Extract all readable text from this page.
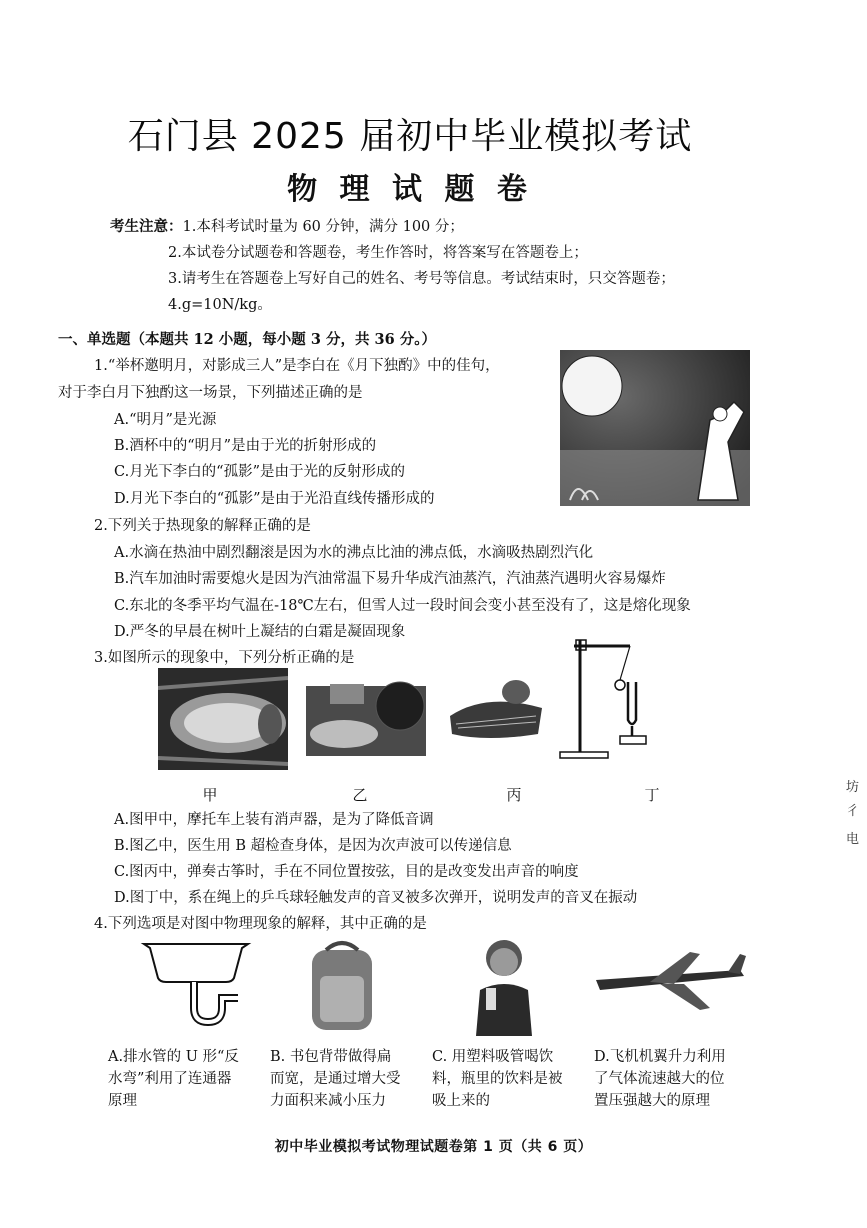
石门县 2025 届初中毕业模拟考试
物 理 试 题 卷
考生注意：1.本科考试时量为 60 分钟，满分 100 分；
2.本试卷分试题卷和答题卷，考生作答时，将答案写在答题卷上；
3.请考生在答题卷上写好自己的姓名、考号等信息。考试结束时，只交答题卷；
4.g=10N/kg。
一、单选题（本题共 12 小题，每小题 3 分，共 36 分。）
1.“举杯邀明月，对影成三人”是李白在《月下独酌》中的佳句，
对于李白月下独酌这一场景，下列描述正确的是
A.“明月”是光源
B.酒杯中的“明月”是由于光的折射形成的
C.月光下李白的“孤影”是由于光的反射形成的
D.月光下李白的“孤影”是由于光沿直线传播形成的
2.下列关于热现象的解释正确的是
A.水滴在热油中剧烈翻滚是因为水的沸点比油的沸点低，水滴吸热剧烈汽化
B.汽车加油时需要熄火是因为汽油常温下易升华成汽油蒸汽，汽油蒸汽遇明火容易爆炸
C.东北的冬季平均气温在-18℃左右，但雪人过一段时间会变小甚至没有了，这是熔化现象
D.严冬的早晨在树叶上凝结的白霜是凝固现象
3.如图所示的现象中，下列分析正确的是
甲	乙	丙	丁
A.图甲中，摩托车上装有消声器，是为了降低音调
B.图乙中，医生用 B 超检查身体，是因为次声波可以传递信息
C.图丙中，弹奏古筝时，手在不同位置按弦，目的是改变发出声音的响度
D.图丁中，系在绳上的乒乓球轻触发声的音叉被多次弹开，说明发声的音叉在振动
4.下列选项是对图中物理现象的解释，其中正确的是
A.排水管的 U 形“反
水弯”利用了连通器
原理
B. 书包背带做得扁
而宽，是通过增大受
力面积来减小压力
C. 用塑料吸管喝饮
料，瓶里的饮料是被
吸上来的
D.飞机机翼升力利用
了气体流速越大的位
置压强越大的原理
初中毕业模拟考试物理试题卷第 1 页（共 6 页）
坊
彳
电
